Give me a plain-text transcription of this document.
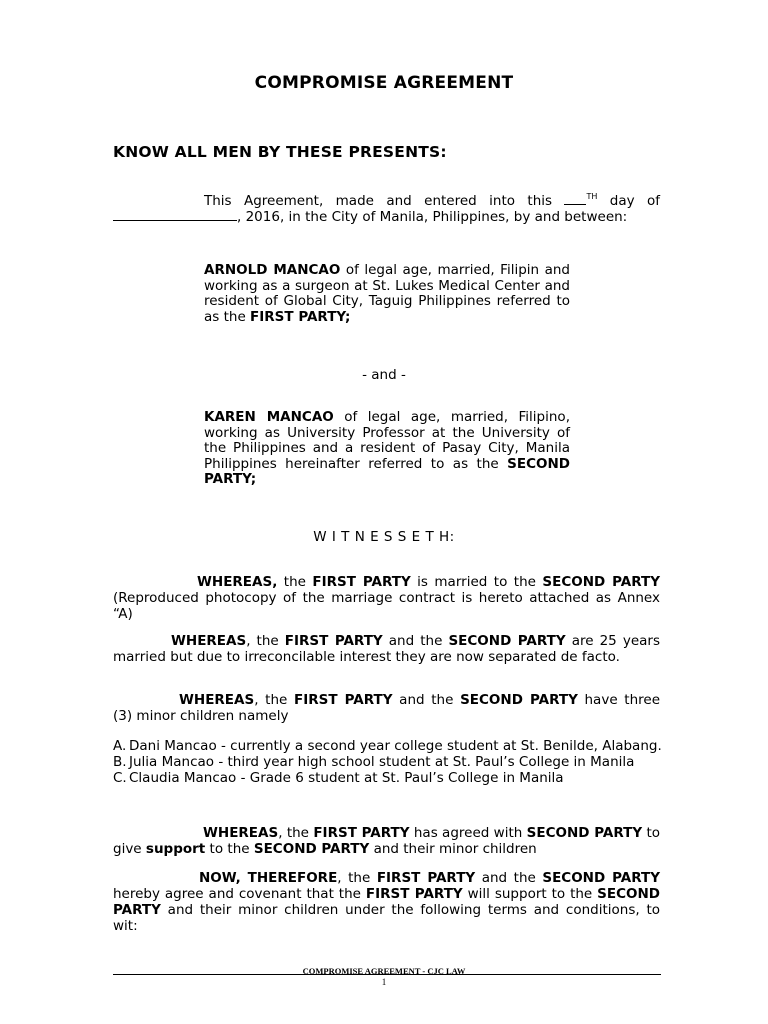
COMPROMISE AGREEMENT
KNOW ALL MEN BY THESE PRESENTS:
This Agreement, made and entered into this	$^{TH}$ day of , 2016, in the City of Manila, Philippines, by and between:
ARNOLD MANCAO of legal age, married, Filipin and working as a surgeon at St. Lukes Medical Center and resident of Global City, Taguig Philippines referred to as the FIRST PARTY;
- and -
KAREN MANCAO of legal age, married, Filipino, working as University Professor at the University of the Philippines and a resident of Pasay City, Manila Philippines hereinafter referred to as the SECOND PARTY;
W I T N E S S E T H:
WHEREAS, the FIRST PARTY is married to the SECOND PARTY (Reproduced photocopy of the marriage contract is hereto attached as Annex “A)
WHEREAS, the FIRST PARTY and the SECOND PARTY are 25 years married but due to irreconcilable interest they are now separated de facto.
WHEREAS, the FIRST PARTY and the SECOND PARTY have three (3) minor children namely
A. Dani Mancao - currently a second year college student at St. Benilde, Alabang.
B. Julia Mancao - third year high school student at St. Paul’s College in Manila
C. Claudia Mancao - Grade 6 student at St. Paul’s College in Manila
WHEREAS, the FIRST PARTY has agreed with SECOND PARTY to give support to the SECOND PARTY and their minor children
NOW, THEREFORE, the FIRST PARTY and the SECOND PARTY hereby agree and covenant that the FIRST PARTY will support to the SECOND PARTY and their minor children under the following terms and conditions, to wit:
COMPROMISE AGREEMENT - CJC LAW
1
